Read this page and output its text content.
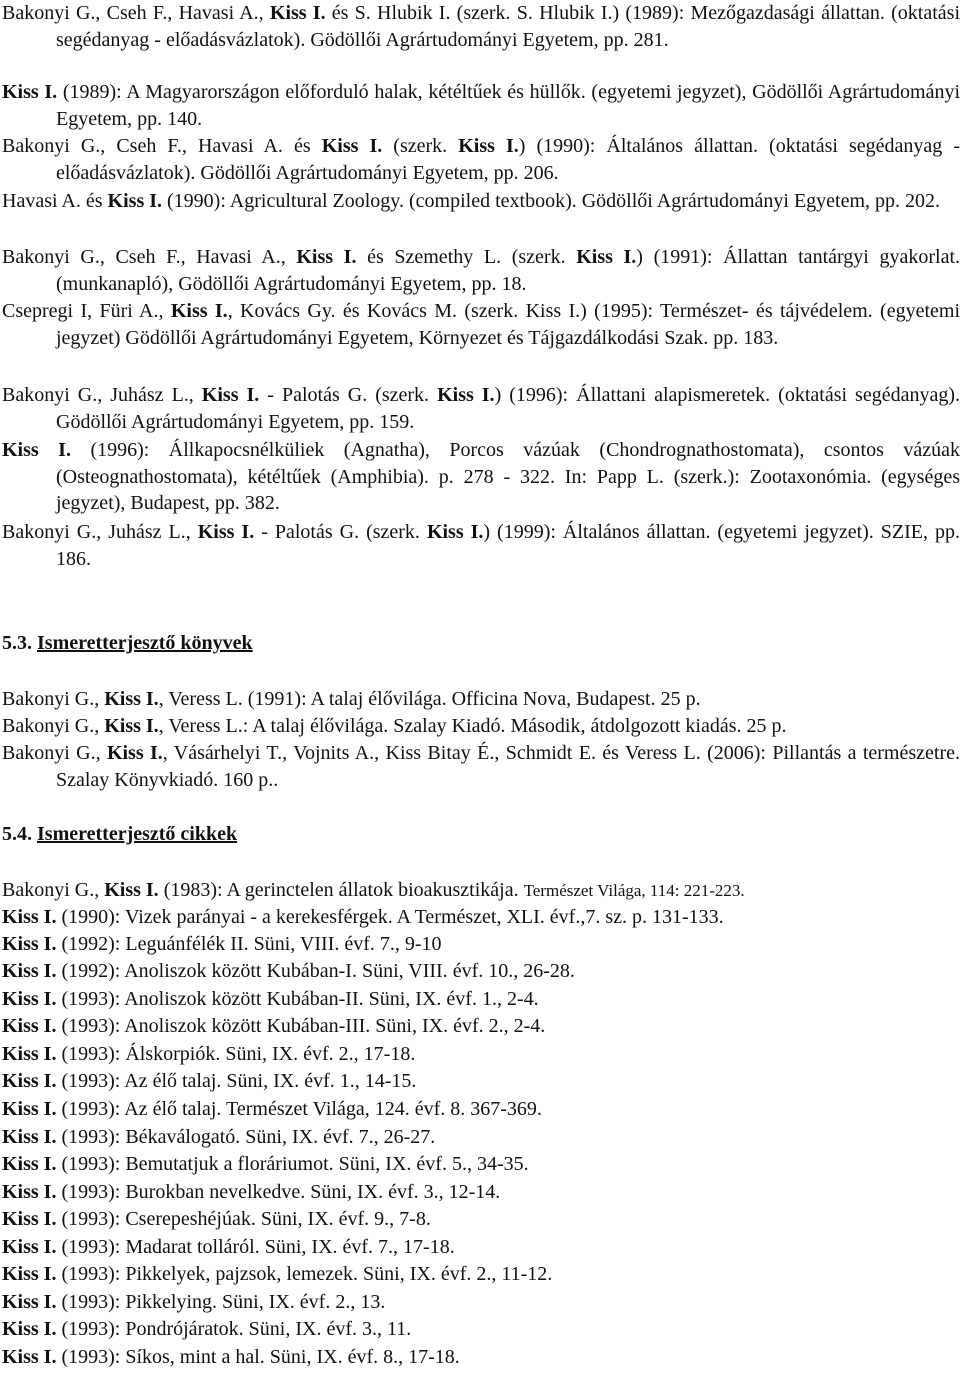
Bakonyi G., Cseh F., Havasi A., Kiss I. és S. Hlubik I. (szerk. S. Hlubik I.) (1989): Mezőgazdasági állattan. (oktatási segédanyag - előadásvázlatok). Gödöllői Agrártudományi Egyetem, pp. 281.

Kiss I. (1989): A Magyarországon előforduló halak, kétéltűek és hüllők. (egyetemi jegyzet), Gödöllői Agrártudományi Egyetem, pp. 140.

Bakonyi G., Cseh F., Havasi A. és Kiss I. (szerk. Kiss I.) (1990): Általános állattan. (oktatási segédanyag - előadásvázlatok). Gödöllői Agrártudományi Egyetem, pp. 206.

Havasi A. és Kiss I. (1990): Agricultural Zoology. (compiled textbook). Gödöllői Agrártudományi Egyetem, pp. 202.

Bakonyi G., Cseh F., Havasi A., Kiss I. és Szemethy L. (szerk. Kiss I.) (1991): Állattan tantárgyi gyakorlat. (munkanapló), Gödöllői Agrártudományi Egyetem, pp. 18.

Csepregi I, Füri A., Kiss I., Kovács Gy. és Kovács M. (szerk. Kiss I.) (1995): Természet- és tájvédelem. (egyetemi jegyzet) Gödöllői Agrártudományi Egyetem, Környezet és Tájgazdálkodási Szak. pp. 183.

Bakonyi G., Juhász L., Kiss I. - Palotás G. (szerk. Kiss I.) (1996): Állattani alapismeretek. (oktatási segédanyag). Gödöllői Agrártudományi Egyetem, pp. 159.

Kiss I. (1996): Állkapocsnélküliek (Agnatha), Porcos vázúak (Chondrognathostomata), csontos vázúak (Osteognathostomata), kétéltűek (Amphibia). p. 278 - 322. In: Papp L. (szerk.): Zootaxonómia. (egységes jegyzet), Budapest, pp. 382.

Bakonyi G., Juhász L., Kiss I. - Palotás G. (szerk. Kiss I.) (1999): Általános állattan. (egyetemi jegyzet). SZIE, pp. 186.

5.3. Ismeretterjesztő könyvek

Bakonyi G., Kiss I., Veress L. (1991): A talaj élővilága. Officina Nova, Budapest. 25 p.

Bakonyi G., Kiss I., Veress L.: A talaj élővilága. Szalay Kiadó. Második, átdolgozott kiadás. 25 p.

Bakonyi G., Kiss I., Vásárhelyi T., Vojnits A., Kiss Bitay É., Schmidt E. és Veress L. (2006): Pillantás a természetre. Szalay Könyvkiadó. 160 p..

5.4. Ismeretterjesztő cikkek

Bakonyi G., Kiss I. (1983): A gerinctelen állatok bioakusztikája. Természet Világa, 114: 221-223.

Kiss I. (1990): Vizek parányai - a kerekesférgek. A Természet, XLI. évf.,7. sz. p. 131-133.

Kiss I. (1992): Leguánfélék II. Süni, VIII. évf. 7., 9-10

Kiss I. (1992): Anoliszok között Kubában-I. Süni, VIII. évf. 10., 26-28.

Kiss I. (1993): Anoliszok között Kubában-II. Süni, IX. évf. 1., 2-4.

Kiss I. (1993): Anoliszok között Kubában-III. Süni, IX. évf. 2., 2-4.

Kiss I. (1993): Álskorpiók. Süni, IX. évf. 2., 17-18.

Kiss I. (1993): Az élő talaj. Süni, IX. évf. 1., 14-15.

Kiss I. (1993): Az élő talaj. Természet Világa, 124. évf. 8. 367-369.

Kiss I. (1993): Békaválogató. Süni, IX. évf. 7., 26-27.

Kiss I. (1993): Bemutatjuk a floráriumot. Süni, IX. évf. 5., 34-35.

Kiss I. (1993): Burokban nevelkedve. Süni, IX. évf. 3., 12-14.

Kiss I. (1993): Cserepeshéjúak. Süni, IX. évf. 9., 7-8.

Kiss I. (1993): Madarat tolláról. Süni, IX. évf. 7., 17-18.

Kiss I. (1993): Pikkelyek, pajzsok, lemezek. Süni, IX. évf. 2., 11-12.

Kiss I. (1993): Pikkelying. Süni, IX. évf. 2., 13.

Kiss I. (1993): Pondrójáratok. Süni, IX. évf. 3., 11.

Kiss I. (1993): Síkos, mint a hal. Süni, IX. évf. 8., 17-18.
